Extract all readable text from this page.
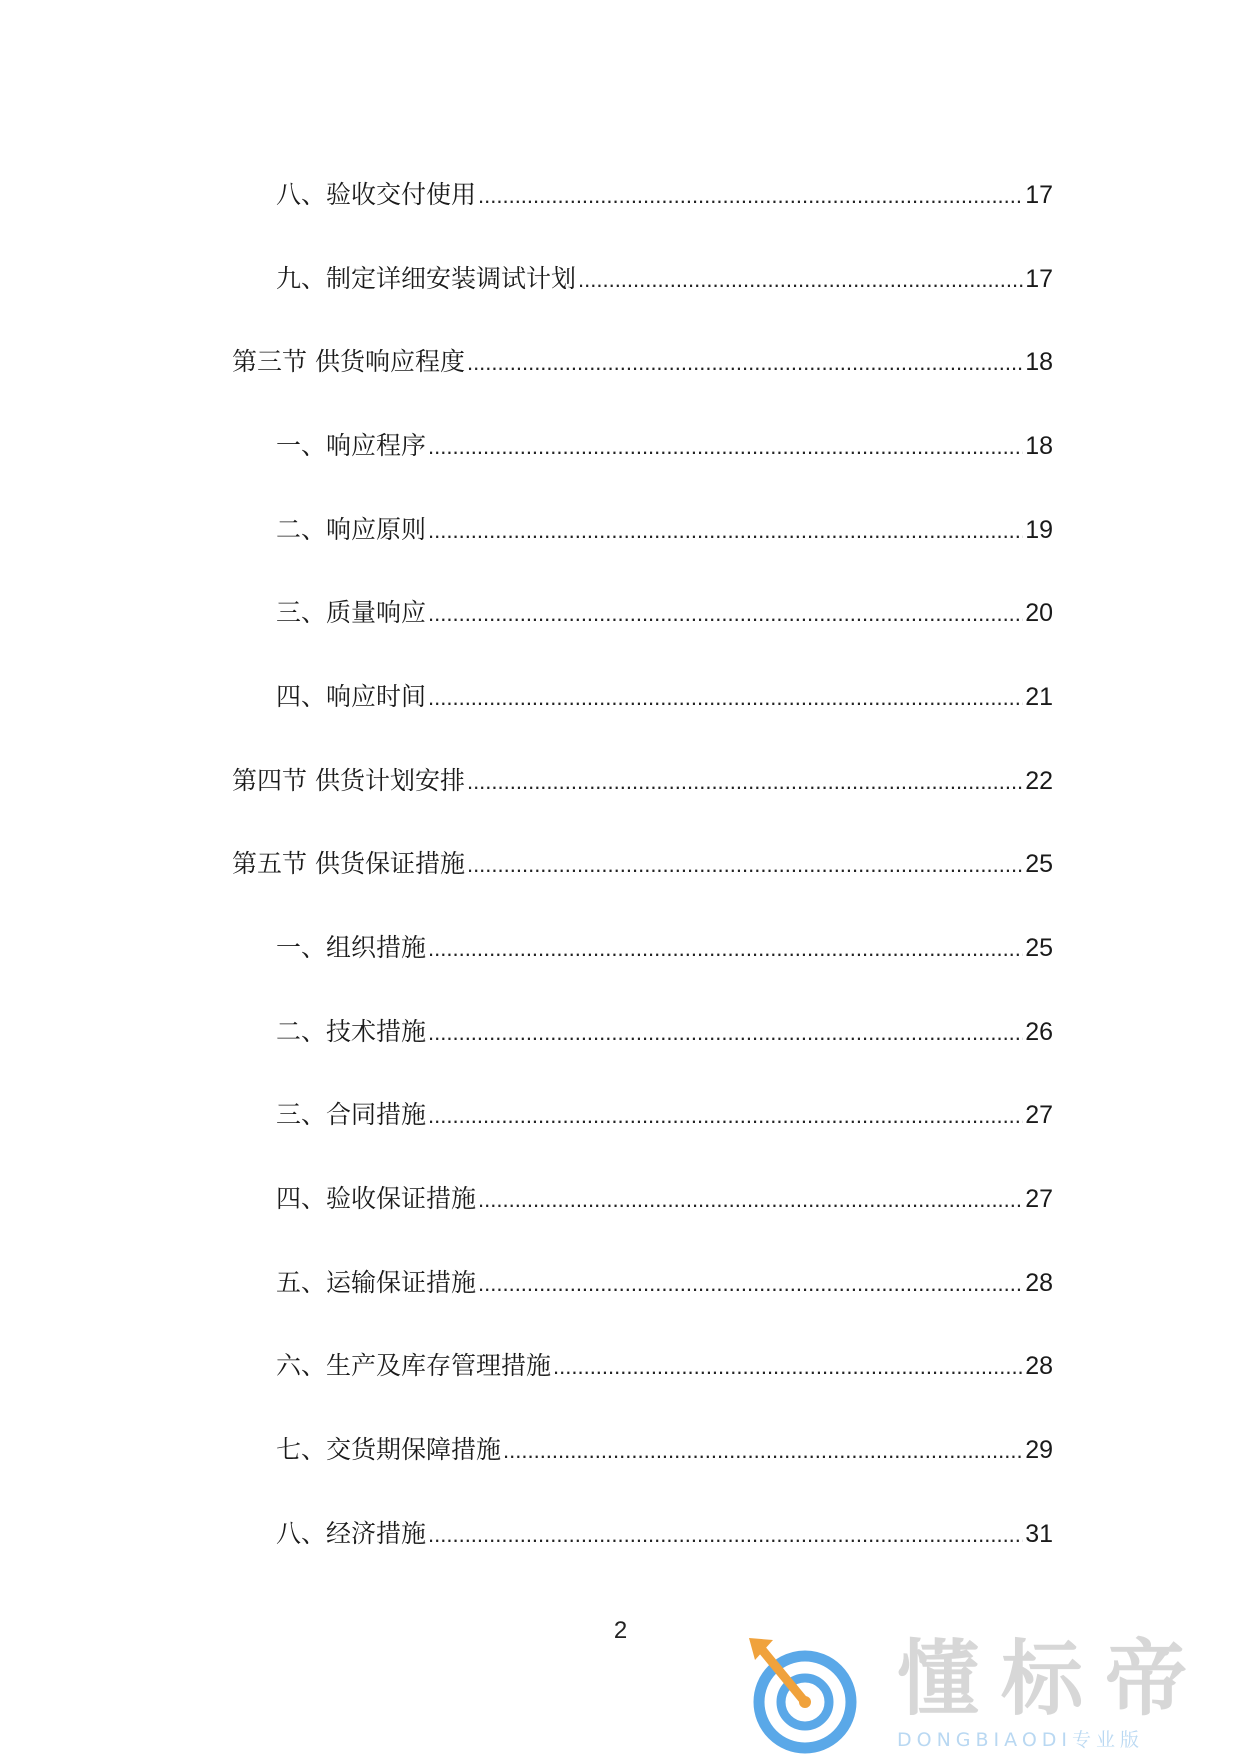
八、验收交付使用 .....	17
九、制定详细安装调试计划 .....	17
第三节 供货响应程度 .....	18
一、响应程序 .....	18
二、响应原则 .....	19
三、质量响应 .....	20
四、响应时间 .....	21
第四节 供货计划安排 .....	22
第五节 供货保证措施 .....	25
一、组织措施 .....	25
二、技术措施 .....	26
三、合同措施 .....	27
四、验收保证措施 .....	27
五、运输保证措施 .....	28
六、生产及库存管理措施 .....	28
七、交货期保障措施 .....	29
八、经济措施 .....	31
2
懂标帝
DONGBIAODI专业版
